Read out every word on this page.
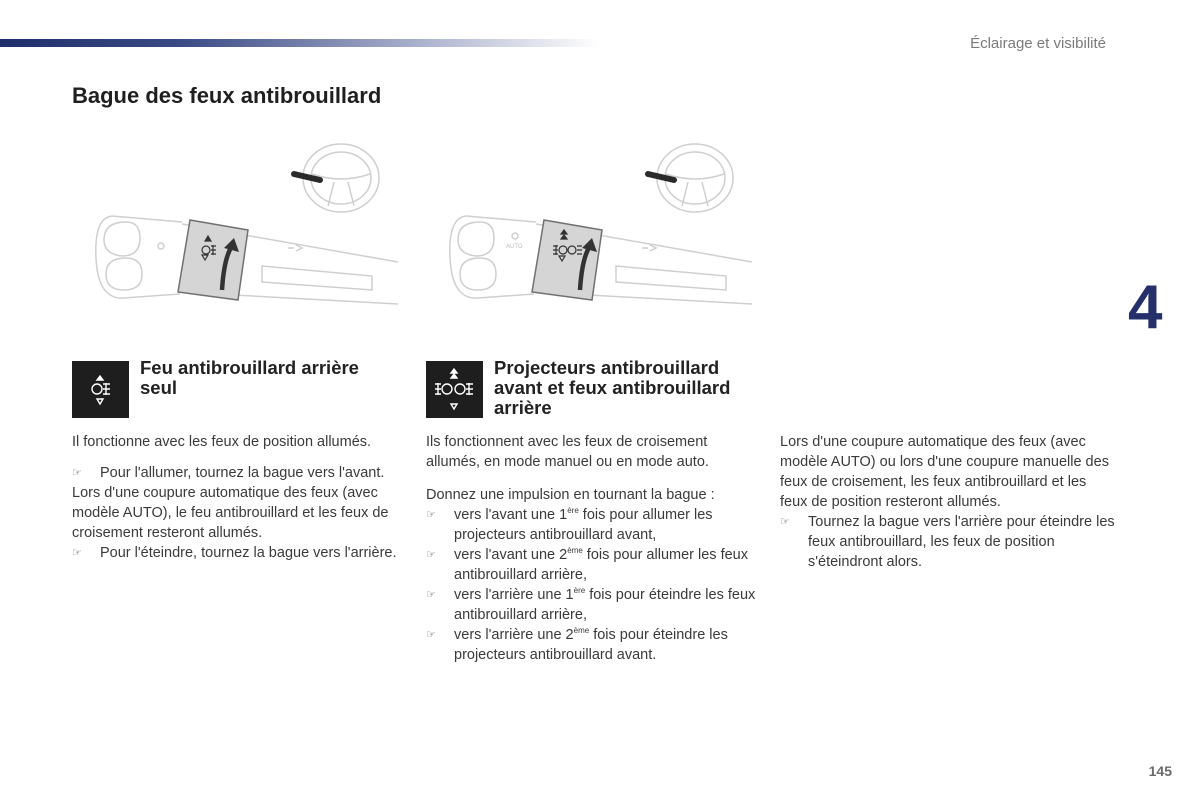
Éclairage et visibilité
Bague des feux antibrouillard
4
145
AUTO
Feu antibrouillard arrière seul
Projecteurs antibrouillard avant et feux antibrouillard arrière

Il fonctionne avec les feux de position allumés.

☞ Pour l'allumer, tournez la bague vers l'avant.

Lors d'une coupure automatique des feux (avec modèle AUTO), le feu antibrouillard et les feux de croisement resteront allumés.

☞ Pour l'éteindre, tournez la bague vers l'arrière.

Ils fonctionnent avec les feux de croisement allumés, en mode manuel ou en mode auto.

Donnez une impulsion en tournant la bague :

☞ vers l'avant une 1ère fois pour allumer les projecteurs antibrouillard avant,
☞ vers l'avant une 2ème fois pour allumer les feux antibrouillard arrière,
☞ vers l'arrière une 1ère fois pour éteindre les feux antibrouillard arrière,
☞ vers l'arrière une 2ème fois pour éteindre les projecteurs antibrouillard avant.

Lors d'une coupure automatique des feux (avec modèle AUTO) ou lors d'une coupure manuelle des feux de croisement, les feux antibrouillard et les feux de position resteront allumés.

☞ Tournez la bague vers l'arrière pour éteindre les feux antibrouillard, les feux de position s'éteindront alors.
